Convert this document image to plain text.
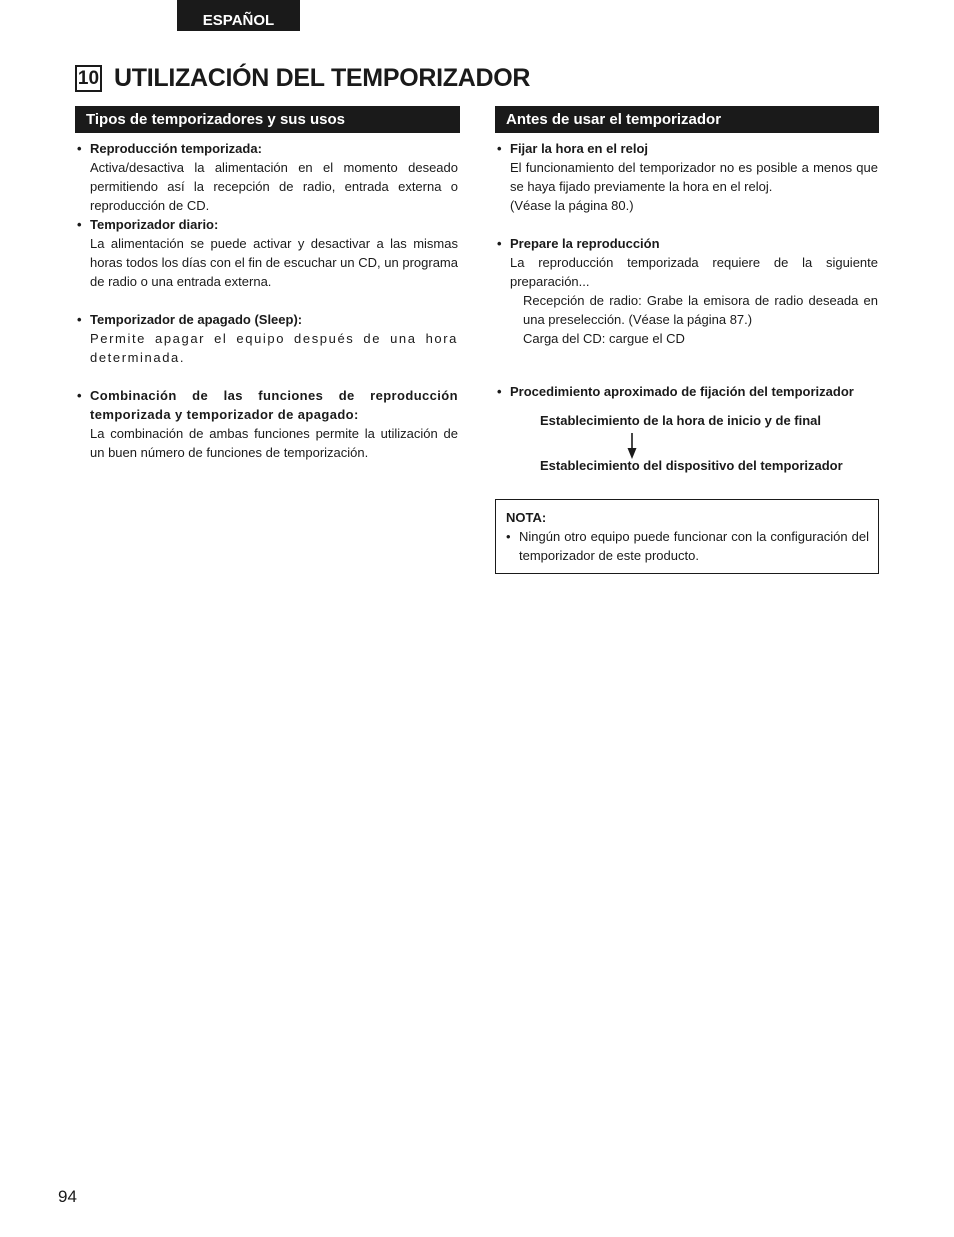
ESPAÑOL
10 UTILIZACIÓN DEL TEMPORIZADOR
Tipos de temporizadores y sus usos
• Reproducción temporizada:
Activa/desactiva la alimentación en el momento deseado permitiendo así la recepción de radio, entrada externa o reproducción de CD.
• Temporizador diario:
La alimentación se puede activar y desactivar a las mismas horas todos los días con el fin de escuchar un CD, un programa de radio o una entrada externa.
• Temporizador de apagado (Sleep):
Permite apagar el equipo después de una hora determinada.
• Combinación de las funciones de reproducción temporizada y temporizador de apagado:
La combinación de ambas funciones permite la utilización de un buen número de funciones de temporización.
Antes de usar el temporizador
• Fijar la hora en el reloj
El funcionamiento del temporizador no es posible a menos que se haya fijado previamente la hora en el reloj.
(Véase la página 80.)
• Prepare la reproducción
La reproducción temporizada requiere de la siguiente preparación...
Recepción de radio: Grabe la emisora de radio deseada en una preselección. (Véase la página 87.)
Carga del CD: cargue el CD
• Procedimiento aproximado de fijación del temporizador
Establecimiento de la hora de inicio y de final
Establecimiento del dispositivo del temporizador
NOTA:
• Ningún otro equipo puede funcionar con la configuración del temporizador de este producto.
94
